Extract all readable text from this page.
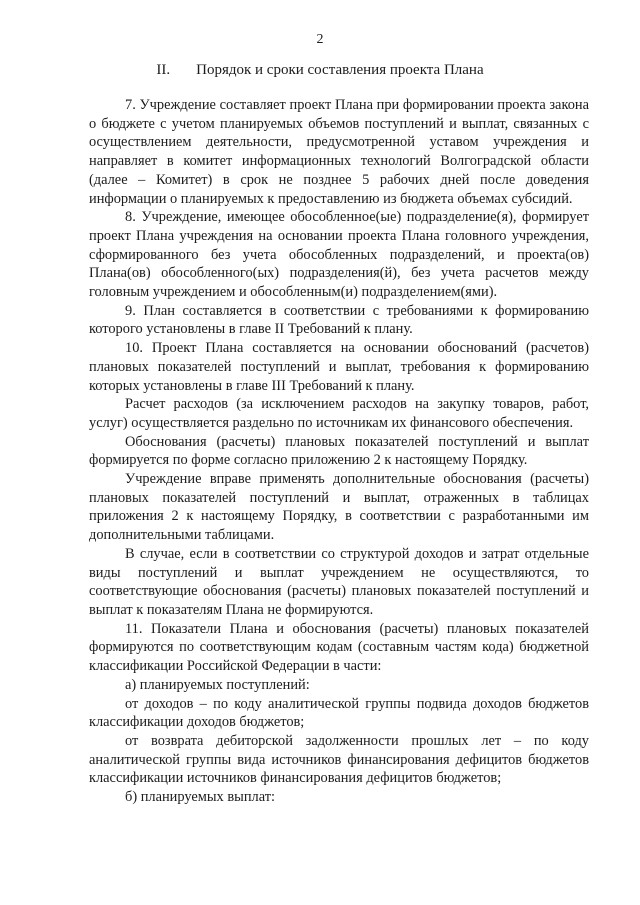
2
II. Порядок и сроки составления проекта Плана

7. Учреждение составляет проект Плана при формировании проекта закона о бюджете с учетом планируемых объемов поступлений и выплат, связанных с осуществлением деятельности, предусмотренной уставом учреждения и направляет в комитет информационных технологий Волгоградской области (далее – Комитет) в срок не позднее 5 рабочих дней после доведения информации о планируемых к предоставлению из бюджета объемах субсидий.

8. Учреждение, имеющее обособленное(ые) подразделение(я), формирует проект Плана учреждения на основании проекта Плана головного учреждения, сформированного без учета обособленных подразделений, и проекта(ов) Плана(ов) обособленного(ых) подразделения(й), без учета расчетов между головным учреждением и обособленным(и) подразделением(ями).

9. План составляется в соответствии с требованиями к формированию которого установлены в главе II Требований к плану.

10. Проект Плана составляется на основании обоснований (расчетов) плановых показателей поступлений и выплат, требования к формированию которых установлены в главе III Требований к плану.

Расчет расходов (за исключением расходов на закупку товаров, работ, услуг) осуществляется раздельно по источникам их финансового обеспечения.

Обоснования (расчеты) плановых показателей поступлений и выплат формируется по форме согласно приложению 2 к настоящему Порядку.

Учреждение вправе применять дополнительные обоснования (расчеты) плановых показателей поступлений и выплат, отраженных в таблицах приложения 2 к настоящему Порядку, в соответствии с разработанными им дополнительными таблицами.

В случае, если в соответствии со структурой доходов и затрат отдельные виды поступлений и выплат учреждением не осуществляются, то соответствующие обоснования (расчеты) плановых показателей поступлений и выплат к показателям Плана не формируются.

11. Показатели Плана и обоснования (расчеты) плановых показателей формируются по соответствующим кодам (составным частям кода) бюджетной классификации Российской Федерации в части:

а) планируемых поступлений:

от доходов – по коду аналитической группы подвида доходов бюджетов классификации доходов бюджетов;

от возврата дебиторской задолженности прошлых лет – по коду аналитической группы вида источников финансирования дефицитов бюджетов классификации источников финансирования дефицитов бюджетов;

б) планируемых выплат:
